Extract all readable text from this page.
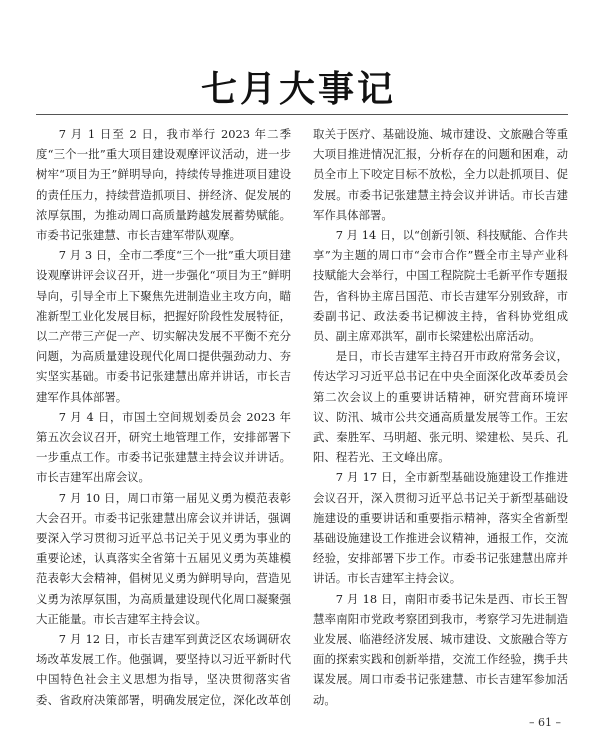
七月大事记

7 月 1 日至 2 日，我市举行 2023 年二季度“三个一批”重大项目建设观摩评议活动，进一步树牢“项目为王”鲜明导向，持续传导推进项目建设的责任压力，持续营造抓项目、拼经济、促发展的浓厚氛围，为推动周口高质量跨越发展蓄势赋能。市委书记张建慧、市长吉建军带队观摩。

7 月 3 日，全市二季度“三个一批”重大项目建设观摩讲评会议召开，进一步强化“项目为王”鲜明导向，引导全市上下聚焦先进制造业主攻方向，瞄准新型工业化发展目标，把握好阶段性发展特征，以二产带三产促一产、切实解决发展不平衡不充分问题，为高质量建设现代化周口提供强劲动力、夯实坚实基础。市委书记张建慧出席并讲话，市长吉建军作具体部署。

7 月 4 日，市国土空间规划委员会 2023 年第五次会议召开，研究土地管理工作，安排部署下一步重点工作。市委书记张建慧主持会议并讲话。市长吉建军出席会议。

7 月 10 日，周口市第一届见义勇为模范表彰大会召开。市委书记张建慧出席会议并讲话，强调要深入学习贯彻习近平总书记关于见义勇为事业的重要论述，认真落实全省第十五届见义勇为英雄模范表彰大会精神，倡树见义勇为鲜明导向，营造见义勇为浓厚氛围，为高质量建设现代化周口凝聚强大正能量。市长吉建军主持会议。

7 月 12 日，市长吉建军到黄泛区农场调研农场改革发展工作。他强调，要坚持以习近平新时代中国特色社会主义思想为指导，坚决贯彻落实省委、省政府决策部署，明确发展定位，深化改革创

取关于医疗、基础设施、城市建设、文旅融合等重大项目推进情况汇报，分析存在的问题和困难，动员全市上下咬定目标不放松，全力以赴抓项目、促发展。市委书记张建慧主持会议并讲话。市长吉建军作具体部署。

7 月 14 日，以“创新引领、科技赋能、合作共享”为主题的周口市“会市合作”暨全市主导产业科技赋能大会举行，中国工程院院士毛新平作专题报告，省科协主席吕国范、市长吉建军分别致辞，市委副书记、政法委书记柳波主持，省科协党组成员、副主席邓洪军，副市长梁建松出席活动。

是日，市长吉建军主持召开市政府常务会议，传达学习习近平总书记在中央全面深化改革委员会第二次会议上的重要讲话精神，研究营商环境评议、防汛、城市公共交通高质量发展等工作。王宏武、秦胜军、马明超、张元明、梁建松、吴兵、孔阳、程若光、王文峰出席。

7 月 17 日，全市新型基础设施建设工作推进会议召开，深入贯彻习近平总书记关于新型基础设施建设的重要讲话和重要指示精神，落实全省新型基础设施建设工作推进会议精神，通报工作，交流经验，安排部署下步工作。市委书记张建慧出席并讲话。市长吉建军主持会议。

7 月 18 日，南阳市委书记朱是西、市长王智慧率南阳市党政考察团到我市，考察学习先进制造业发展、临港经济发展、城市建设、文旅融合等方面的探索实践和创新举措，交流工作经验，携手共谋发展。周口市委书记张建慧、市长吉建军参加活动。

– 61 –
